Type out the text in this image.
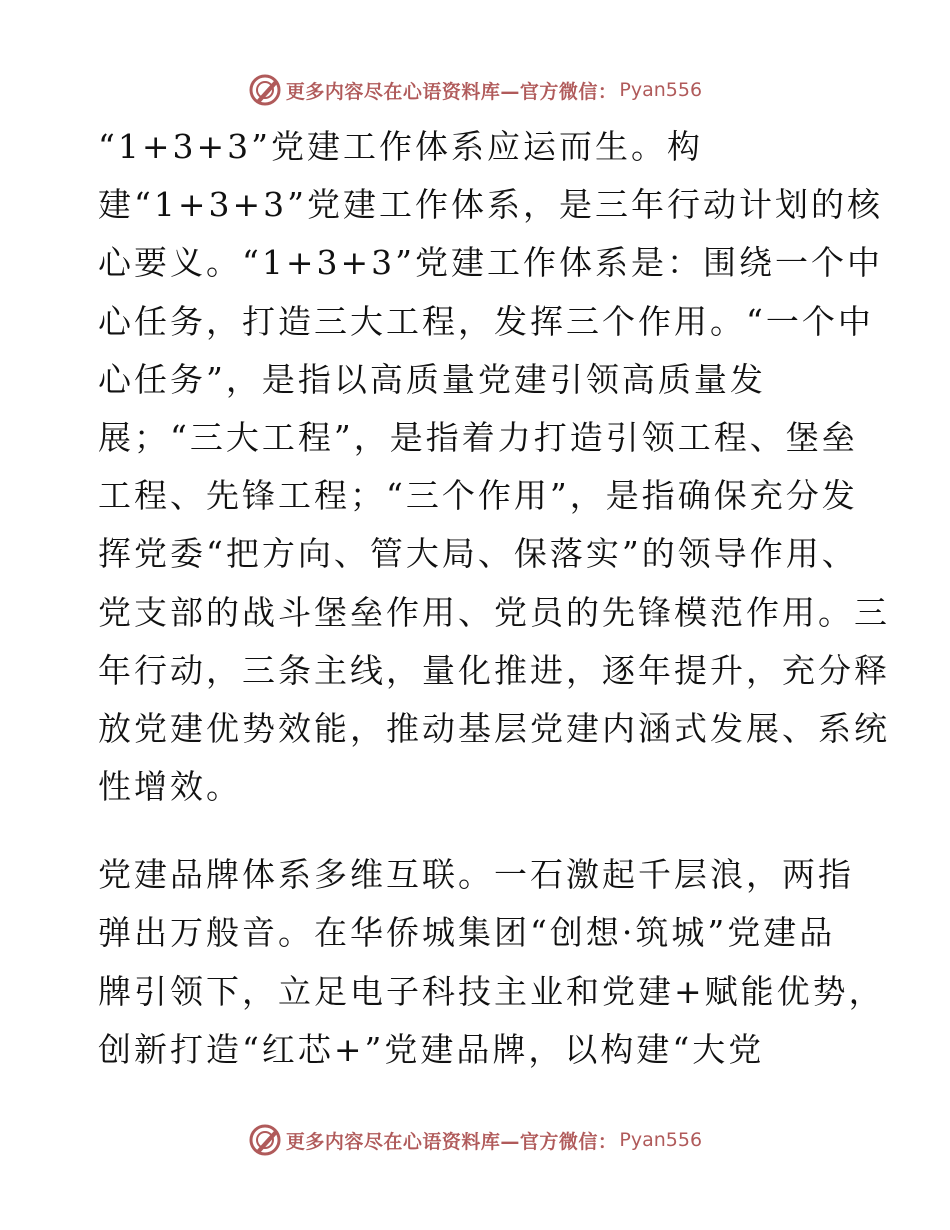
更多内容尽在心语资料库—官方微信： Pyan556
“1+3+3”党建工作体系应运而生。构
建“1+3+3”党建工作体系，是三年行动计划的核
心要义。“1+3+3”党建工作体系是：围绕一个中
心任务，打造三大工程，发挥三个作用。“一个中
心任务”，是指以高质量党建引领高质量发
展；“三大工程”，是指着力打造引领工程、堡垒
工程、先锋工程；“三个作用”，是指确保充分发
挥党委“把方向、管大局、保落实”的领导作用、
党支部的战斗堡垒作用、党员的先锋模范作用。三
年行动，三条主线，量化推进，逐年提升，充分释
放党建优势效能，推动基层党建内涵式发展、系统
性增效。
党建品牌体系多维互联。一石激起千层浪，两指
弹出万般音。在华侨城集团“创想·筑城”党建品
牌引领下，立足电子科技主业和党建+赋能优势，
创新打造“红芯+”党建品牌，以构建“大党
更多内容尽在心语资料库—官方微信： Pyan556
